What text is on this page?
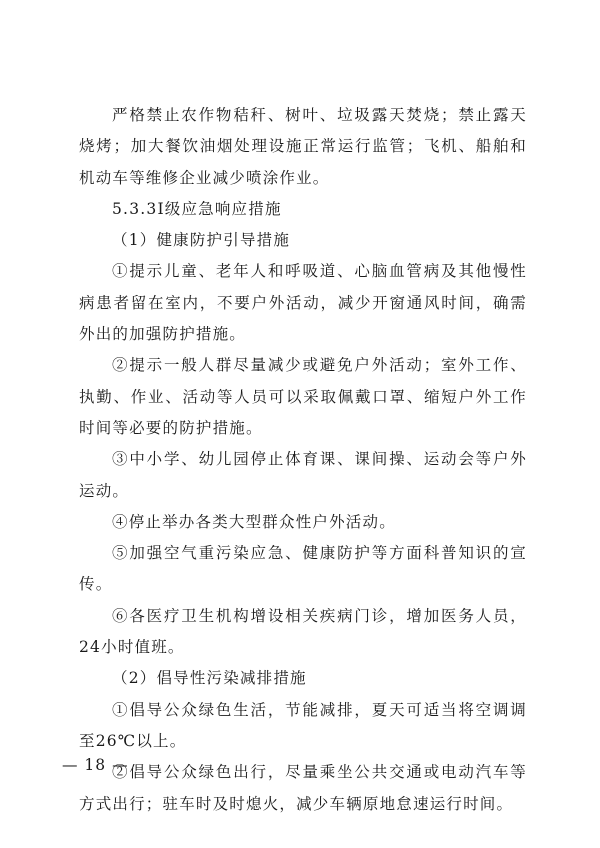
严格禁止农作物秸秆、树叶、垃圾露天焚烧；禁止露天烧烤；加大餐饮油烟处理设施正常运行监管；飞机、船舶和机动车等维修企业减少喷涂作业。

5.3.3Ⅰ级应急响应措施

（1）健康防护引导措施

①提示儿童、老年人和呼吸道、心脑血管病及其他慢性病患者留在室内，不要户外活动，减少开窗通风时间，确需外出的加强防护措施。

②提示一般人群尽量减少或避免户外活动；室外工作、执勤、作业、活动等人员可以采取佩戴口罩、缩短户外工作时间等必要的防护措施。

③中小学、幼儿园停止体育课、课间操、运动会等户外运动。

④停止举办各类大型群众性户外活动。

⑤加强空气重污染应急、健康防护等方面科普知识的宣传。

⑥各医疗卫生机构增设相关疾病门诊，增加医务人员，24小时值班。

（2）倡导性污染减排措施

①倡导公众绿色生活，节能减排，夏天可适当将空调调至26℃以上。

②倡导公众绿色出行，尽量乘坐公共交通或电动汽车等方式出行；驻车时及时熄火，减少车辆原地怠速运行时间。

— 18 —
